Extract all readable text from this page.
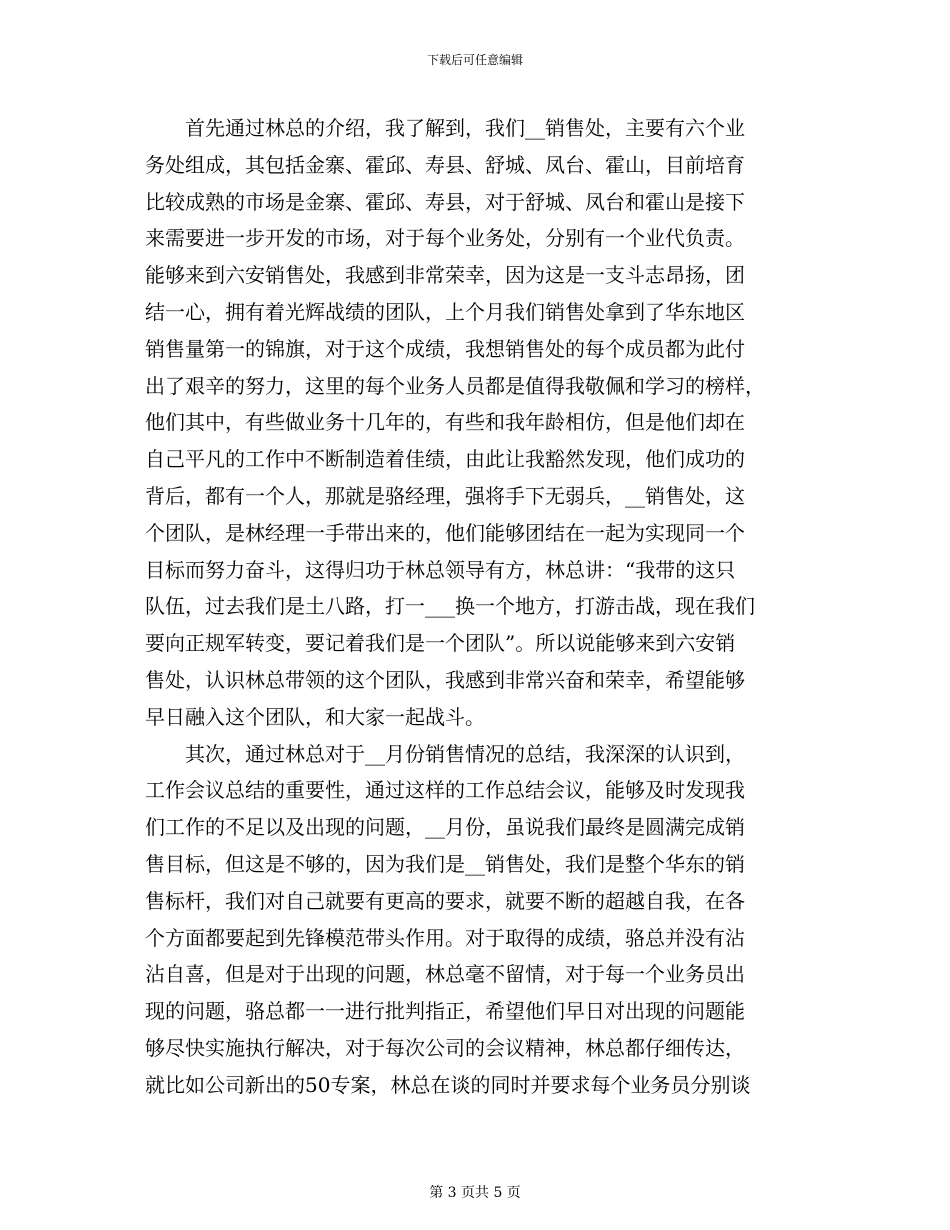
下载后可任意编辑
首先通过林总的介绍，我了解到，我们__销售处，主要有六个业
务处组成，其包括金寨、霍邱、寿县、舒城、凤台、霍山，目前培育
比较成熟的市场是金寨、霍邱、寿县，对于舒城、凤台和霍山是接下
来需要进一步开发的市场，对于每个业务处，分别有一个业代负责。
能够来到六安销售处，我感到非常荣幸，因为这是一支斗志昂扬，团
结一心，拥有着光辉战绩的团队，上个月我们销售处拿到了华东地区
销售量第一的锦旗，对于这个成绩，我想销售处的每个成员都为此付
出了艰辛的努力，这里的每个业务人员都是值得我敬佩和学习的榜样，
他们其中，有些做业务十几年的，有些和我年龄相仿，但是他们却在
自己平凡的工作中不断制造着佳绩，由此让我豁然发现，他们成功的
背后，都有一个人，那就是骆经理，强将手下无弱兵，__销售处，这
个团队，是林经理一手带出来的，他们能够团结在一起为实现同一个
目标而努力奋斗，这得归功于林总领导有方，林总讲：“我带的这只
队伍，过去我们是土八路，打一___换一个地方，打游击战，现在我们
要向正规军转变，要记着我们是一个团队”。所以说能够来到六安销
售处，认识林总带领的这个团队，我感到非常兴奋和荣幸，希望能够
早日融入这个团队，和大家一起战斗。
其次，通过林总对于__月份销售情况的总结，我深深的认识到，
工作会议总结的重要性，通过这样的工作总结会议，能够及时发现我
们工作的不足以及出现的问题，__月份，虽说我们最终是圆满完成销
售目标，但这是不够的，因为我们是__销售处，我们是整个华东的销
售标杆，我们对自己就要有更高的要求，就要不断的超越自我，在各
个方面都要起到先锋模范带头作用。对于取得的成绩，骆总并没有沾
沾自喜，但是对于出现的问题，林总毫不留情，对于每一个业务员出
现的问题，骆总都一一进行批判指正，希望他们早日对出现的问题能
够尽快实施执行解决，对于每次公司的会议精神，林总都仔细传达，
就比如公司新出的50专案，林总在谈的同时并要求每个业务员分别谈
第 3 页共 5 页
